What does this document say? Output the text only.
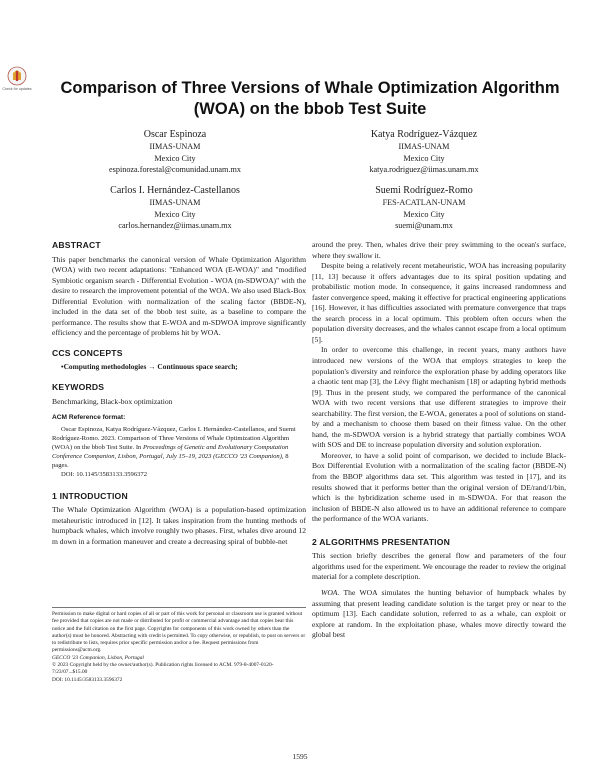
Check for updates	Comparison of Three Versions of Whale Optimization Algorithm (WOA) on the bbob Test Suite
Oscar Espinoza
IIMAS-UNAM
Mexico City
espinoza.forestal@comunidad.unam.mx
Katya Rodríguez-Vázquez
IIMAS-UNAM
Mexico City
katya.rodriguez@iimas.unam.mx
Carlos I. Hernández-Castellanos
IIMAS-UNAM
Mexico City
carlos.hernandez@iimas.unam.mx
Suemi Rodríguez-Romo
FES-ACATLAN-UNAM
Mexico City
suemi@unam.mx
ABSTRACT

This paper benchmarks the canonical version of Whale Optimization Algorithm (WOA) with two recent adaptations: "Enhanced WOA (E-WOA)" and "modified Symbiotic organism search - Differential Evolution - WOA (m-SDWOA)" with the desire to research the improvement potential of the WOA. We also used Black-Box Differential Evolution with normalization of the scaling factor (BBDE-N), included in the data set of the bbob test suite, as a baseline to compare the performance. The results show that E-WOA and m-SDWOA improve significantly efficiency and the percentage of problems hit by WOA.

CCS CONCEPTS

•Computing methodologies → Continuous space search;

KEYWORDS

Benchmarking, Black-box optimization

ACM Reference format:

Oscar Espinoza, Katya Rodríguez-Vázquez, Carlos I. Hernández-Castellanos, and Suemi Rodríguez-Romo. 2023. Comparison of Three Versions of Whale Optimization Algorithm (WOA) on the bbob Test Suite. In Proceedings of Genetic and Evolutionary Computation Conference Companion, Lisbon, Portugal, July 15–19, 2023 (GECCO '23 Companion), 8 pages.

DOI: 10.1145/3583133.3596372

1 INTRODUCTION

The Whale Optimization Algorithm (WOA) is a population-based optimization metaheuristic introduced in [12]. It takes inspiration from the hunting methods of humpback whales, which involve roughly two phases. First, whales dive around 12 m down in a formation maneuver and create a decreasing spiral of bubble-net

Permission to make digital or hard copies of all or part of this work for personal or classroom use is granted without fee provided that copies are not made or distributed for profit or commercial advantage and that copies bear this notice and the full citation on the first page. Copyrights for components of this work owned by others than the author(s) must be honored. Abstracting with credit is permitted. To copy otherwise, or republish, to post on servers or to redistribute to lists, requires prior specific permission and/or a fee. Request permissions from permissions@acm.org.

GECCO '23 Companion, Lisbon, Portugal

© 2023 Copyright held by the owner/author(s). Publication rights licensed to ACM. 979-8-4007-0120-7/23/07...$15.00

DOI: 10.1145/3583133.3596372

around the prey. Then, whales drive their prey swimming to the ocean's surface, where they swallow it.

Despite being a relatively recent metaheuristic, WOA has increasing popularity [11, 13] because it offers advantages due to its spiral position updating and probabilistic motion mode. In consequence, it gains increased randomness and faster convergence speed, making it effective for practical engineering applications [16]. However, it has difficulties associated with premature convergence that traps the search process in a local optimum. This problem often occurs when the population diversity decreases, and the whales cannot escape from a local optimum [5].

In order to overcome this challenge, in recent years, many authors have introduced new versions of the WOA that employs strategies to keep the population's diversity and reinforce the exploration phase by adding operators like a chaotic tent map [3], the Lévy flight mechanism [18] or adapting hybrid methods [9]. Thus in the present study, we compared the performance of the canonical WOA with two recent versions that use different strategies to improve their searchability. The first version, the E-WOA, generates a pool of solutions on stand-by and a mechanism to choose them based on their fitness value. On the other hand, the m-SDWOA version is a hybrid strategy that partially combines WOA with SOS and DE to increase population diversity and solution exploration.

Moreover, to have a solid point of comparison, we decided to include Black-Box Differential Evolution with a normalization of the scaling factor (BBDE-N) from the BBOP algorithms data set. This algorithm was tested in [17], and its results showed that it performs better than the original version of DE/rand/1/bin, which is the hybridization scheme used in m-SDWOA. For that reason the inclusion of BBDE-N also allowed us to have an additional reference to compare the performance of the WOA variants.

2 ALGORITHMS PRESENTATION

This section briefly describes the general flow and parameters of the four algorithms used for the experiment. We encourage the reader to review the original material for a complete description.

WOA. The WOA simulates the hunting behavior of humpback whales by assuming that present leading candidate solution is the target prey or near to the optimum [13]. Each candidate solution, referred to as a whale, can exploit or explore at random. In the exploitation phase, whales move directly toward the global best

1595
